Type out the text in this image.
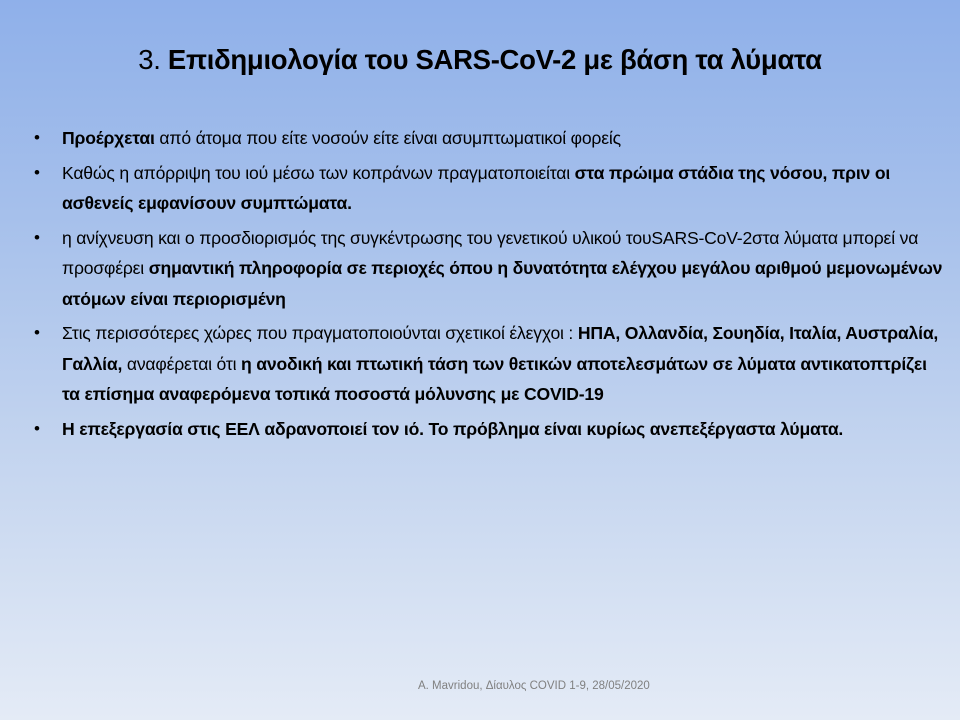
3. Επιδημιολογία του SARS-CoV-2 με βάση τα λύματα
• Προέρχεται από άτομα που είτε νοσούν είτε είναι ασυμπτωματικοί φορείς
• Καθώς η απόρριψη του ιού μέσω των κοπράνων πραγματοποιείται στα πρώιμα στάδια της νόσου, πριν οι ασθενείς εμφανίσουν συμπτώματα.
• η ανίχνευση και ο προσδιορισμός της συγκέντρωσης του γενετικού υλικού τουSARS-CoV-2στα λύματα μπορεί να προσφέρει σημαντική πληροφορία σε περιοχές όπου η δυνατότητα ελέγχου μεγάλου αριθμού μεμονωμένων ατόμων είναι περιορισμένη
• Στις περισσότερες χώρες που πραγματοποιούνται σχετικοί έλεγχοι : ΗΠΑ, Ολλανδία, Σουηδία, Ιταλία, Αυστραλία, Γαλλία, αναφέρεται ότι η ανοδική και πτωτική τάση των θετικών αποτελεσμάτων σε λύματα αντικατοπτρίζει τα επίσημα αναφερόμενα τοπικά ποσοστά μόλυνσης με COVID-19
• Η επεξεργασία στις ΕΕΛ αδρανοποιεί τον ιό. Το πρόβλημα είναι κυρίως ανεπεξέργαστα λύματα.
A. Mavridou, Δίαυλος COVID 1-9, 28/05/2020
